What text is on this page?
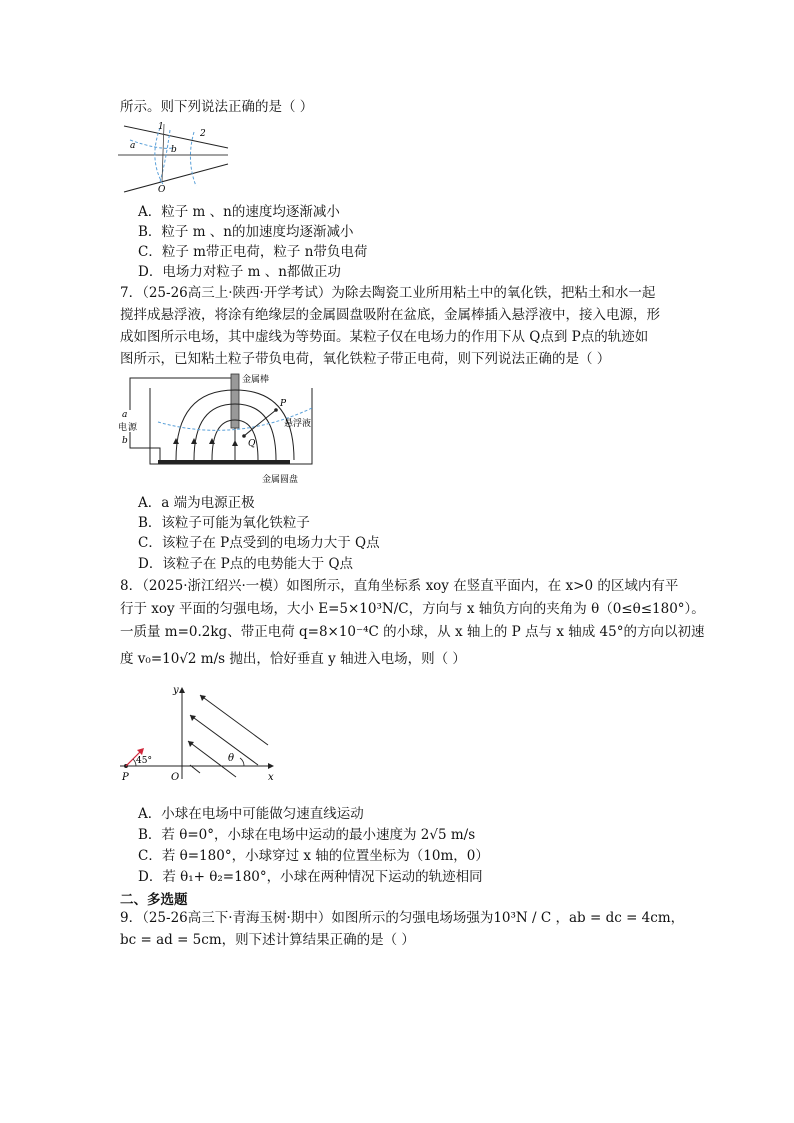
所示。则下列说法正确的是（ ）
1
2
a	b
O
A．粒子 m 、n的速度均逐渐减小
B．粒子 m 、n的加速度均逐渐减小
C．粒子 m带正电荷，粒子 n带负电荷
D．电场力对粒子 m 、n都做正功
7．（25-26高三上·陕西·开学考试）为除去陶瓷工业所用粘土中的氧化铁，把粘土和水一起
搅拌成悬浮液，将涂有绝缘层的金属圆盘吸附在盆底，金属棒插入悬浮液中，接入电源，形
成如图所示电场，其中虚线为等势面。某粒子仅在电场力的作用下从 Q点到 P点的轨迹如
图所示，已知粘土粒子带负电荷，氧化铁粒子带正电荷，则下列说法正确的是（ ）
a
电 源
b
P
Q
金属棒
悬浮液
金属圆盘
A．a 端为电源正极
B．该粒子可能为氧化铁粒子
C．该粒子在 P点受到的电场力大于 Q点
D．该粒子在 P点的电势能大于 Q点
8．（2025·浙江绍兴·一模）如图所示，直角坐标系 xoy 在竖直平面内，在 x>0 的区域内有平
行于 xoy 平面的匀强电场，大小 E=5×10³N/C，方向与 x 轴负方向的夹角为 θ（0≤θ≤180°）。
一质量 m=0.2kg、带正电荷 q=8×10⁻⁴C 的小球，从 x 轴上的 P 点与 x 轴成 45°的方向以初速
度 v₀=10√2 m/s 抛出，恰好垂直 y 轴进入电场，则（ ）
y
x
O
P
45°	θ
A．小球在电场中可能做匀速直线运动
B．若 θ=0°，小球在电场中运动的最小速度为 2√5 m/s
C．若 θ=180°，小球穿过 x 轴的位置坐标为（10m，0）
D．若 θ₁+ θ₂=180°，小球在两种情况下运动的轨迹相同
二、多选题
9．（25-26高三下·青海玉树·期中）如图所示的匀强电场场强为10³N / C ，ab = dc = 4cm，
bc = ad = 5cm，则下述计算结果正确的是（ ）
